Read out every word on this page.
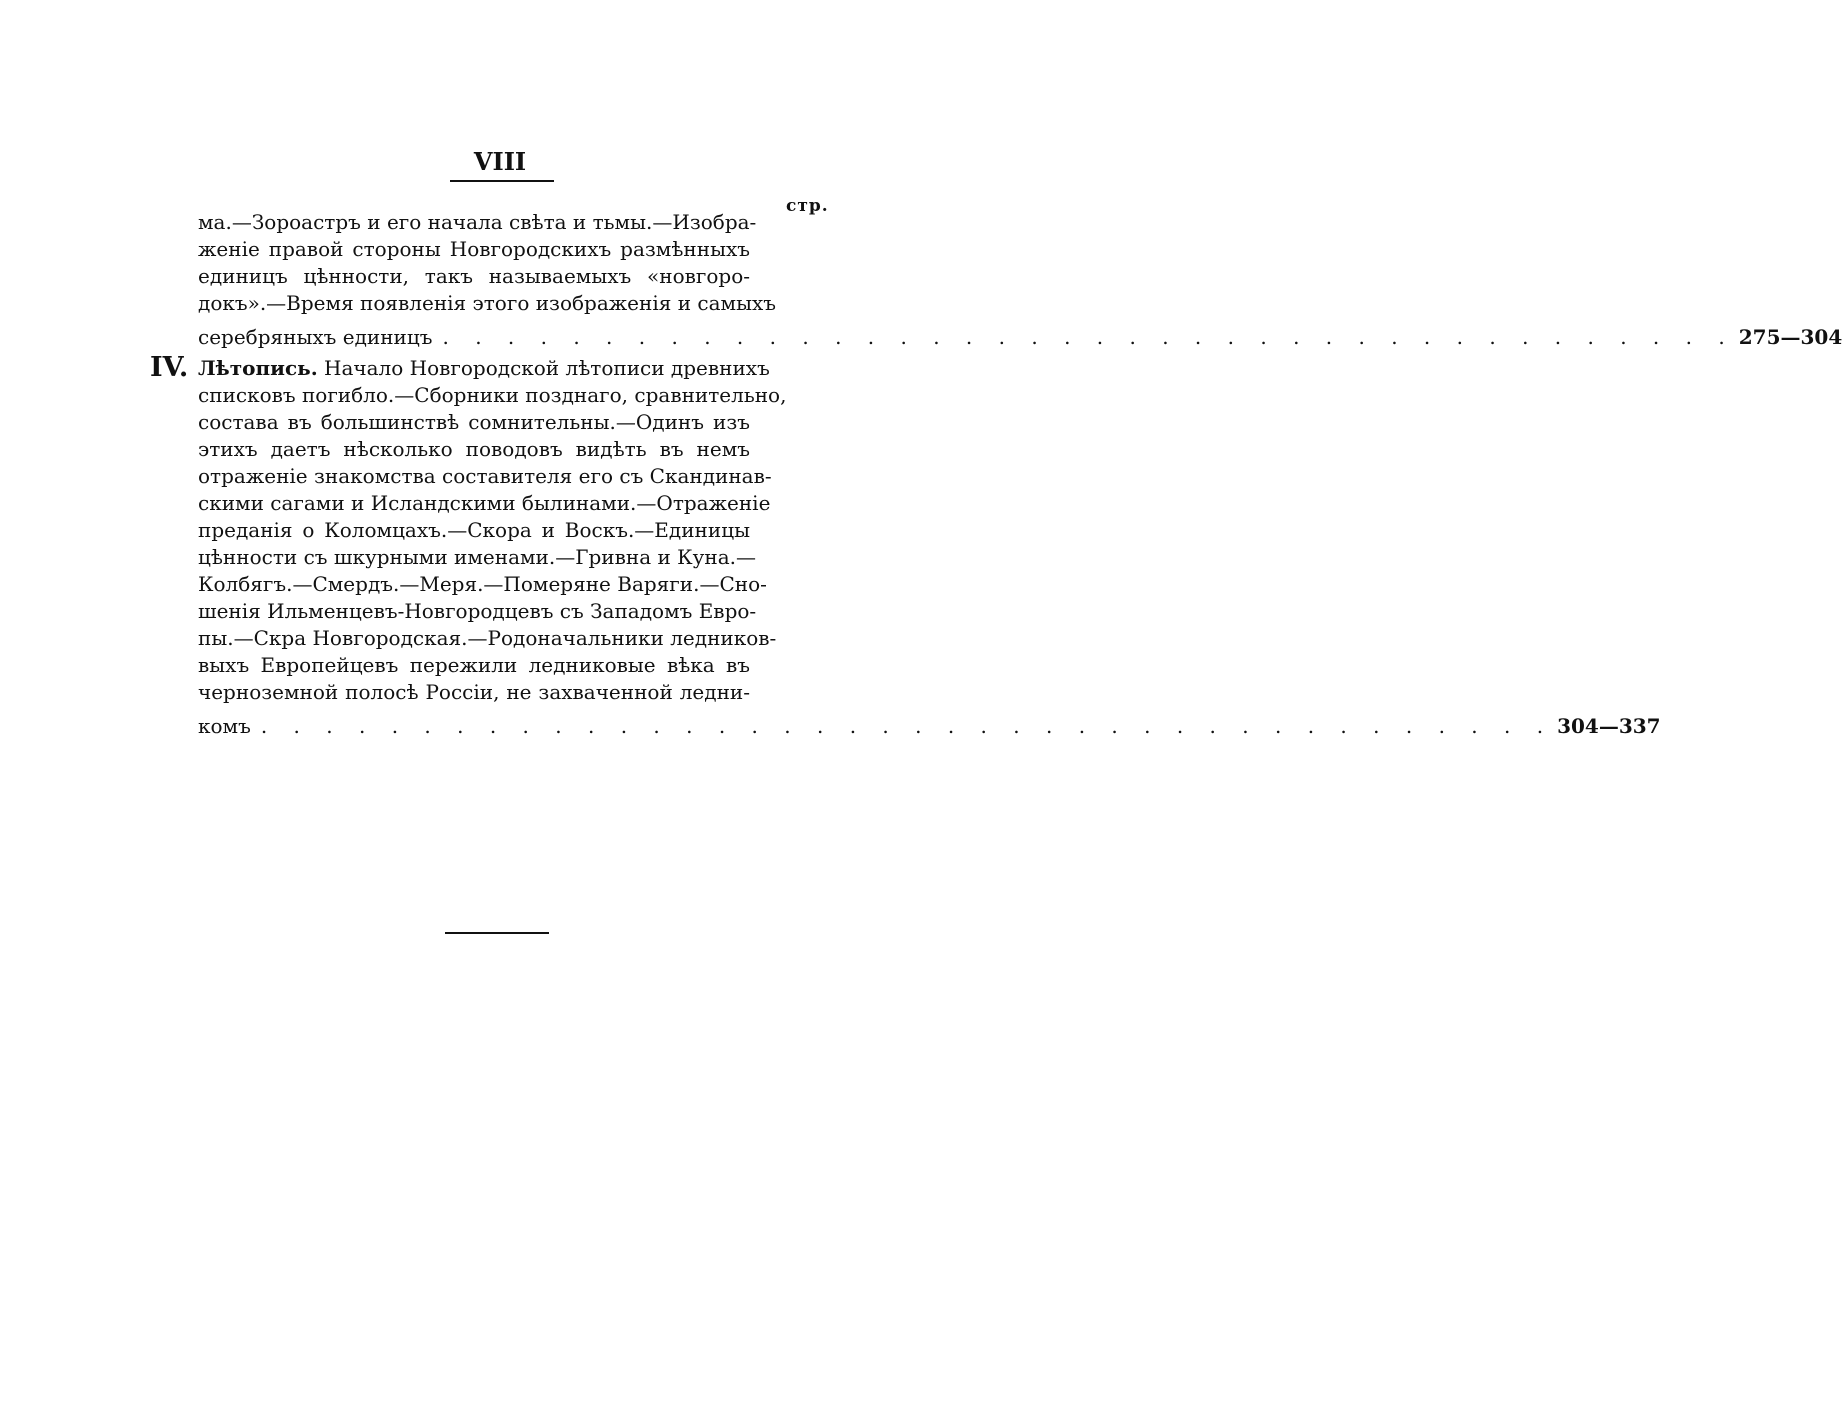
VIII
стр.
ма.—Зороастръ и его начала свѣта и тьмы.—Изобра-
женіе правой стороны Новгородскихъ размѣнныхъ
единицъ цѣнности, такъ называемыхъ «новгоро-
докъ».—Время появленія этого изображенія и самыхъ
серебряныхъ единицъ . . . . . . . . . . . . . . . . . . . . . . . . . . . . . . . . . . . . . . . . 275—304
IV. Лѣтопись. Начало Новгородской лѣтописи древнихъ
списковъ погибло.—Сборники позднаго, сравнительно,
состава въ большинствѣ сомнительны.—Одинъ изъ
этихъ даетъ нѣсколько поводовъ видѣть въ немъ
отраженіе знакомства составителя его съ Скандинав-
скими сагами и Исландскими былинами.—Отраженіе
преданія о Коломцахъ.—Скора и Воскъ.—Единицы
цѣнности съ шкурными именами.—Гривна и Куна.—
Колбягъ.—Смердъ.—Меря.—Померяне Варяги.—Сно-
шенія Ильменцевъ-Новгородцевъ съ Западомъ Евро-
пы.—Скра Новгородская.—Родоначальники ледников-
выхъ Европейцевъ пережили ледниковые вѣка въ
черноземной полосѣ Россіи, не захваченной ледни-
комъ . . . . . . . . . . . . . . . . . . . . . . . . . . . . . . . . . . . . . . . . 304—337
